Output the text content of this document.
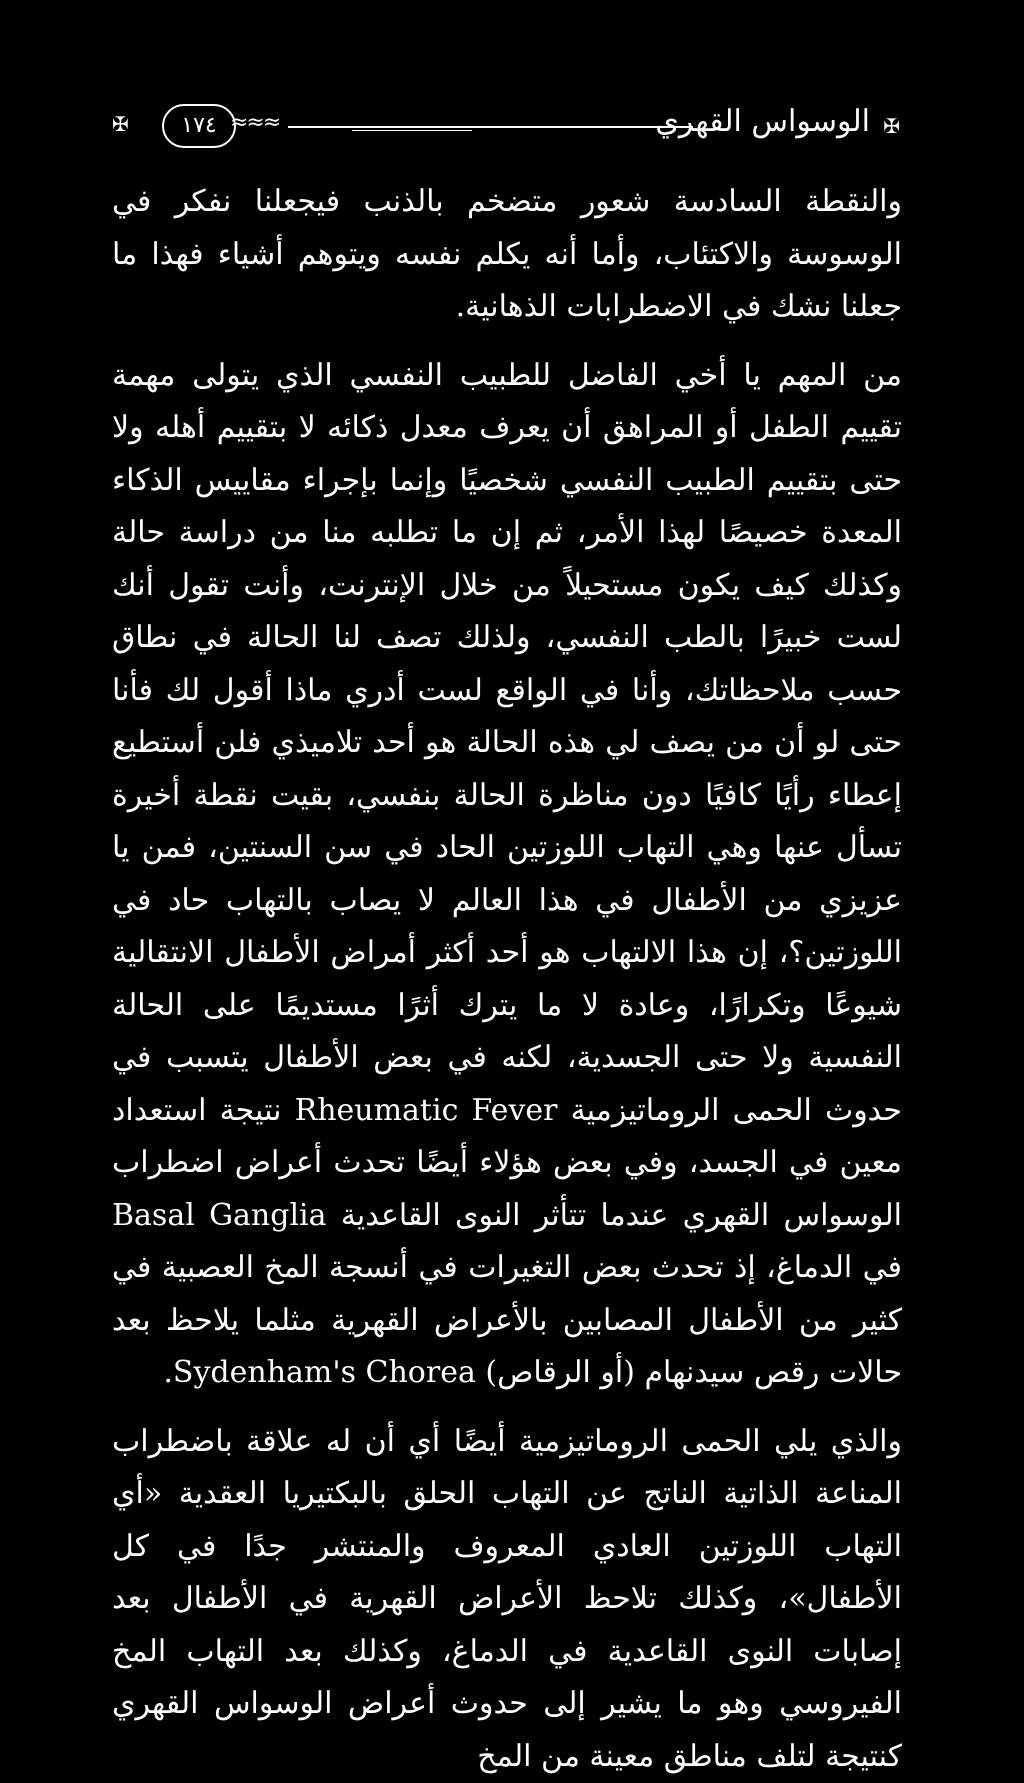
✠
الوسواس القهري
≈≈≈
١٧٤
✠

والنقطة السادسة شعور متضخم بالذنب فيجعلنا نفكر في الوسوسة والاكتئاب، وأما أنه يكلم نفسه ويتوهم أشياء فهذا ما جعلنا نشك في الاضطرابات الذهانية.

من المهم يا أخي الفاضل للطبيب النفسي الذي يتولى مهمة تقييم الطفل أو المراهق أن يعرف معدل ذكائه لا بتقييم أهله ولا حتى بتقييم الطبيب النفسي شخصيًا وإنما بإجراء مقاييس الذكاء المعدة خصيصًا لهذا الأمر، ثم إن ما تطلبه منا من دراسة حالة وكذلك كيف يكون مستحيلاً من خلال الإنترنت، وأنت تقول أنك لست خبيرًا بالطب النفسي، ولذلك تصف لنا الحالة في نطاق حسب ملاحظاتك، وأنا في الواقع لست أدري ماذا أقول لك فأنا حتى لو أن من يصف لي هذه الحالة هو أحد تلاميذي فلن أستطيع إعطاء رأيًا كافيًا دون مناظرة الحالة بنفسي، بقيت نقطة أخيرة تسأل عنها وهي التهاب اللوزتين الحاد في سن السنتين، فمن يا عزيزي من الأطفال في هذا العالم لا يصاب بالتهاب حاد في اللوزتين؟، إن هذا الالتهاب هو أحد أكثر أمراض الأطفال الانتقالية شيوعًا وتكرارًا، وعادة لا ما يترك أثرًا مستديمًا على الحالة النفسية ولا حتى الجسدية، لكنه في بعض الأطفال يتسبب في حدوث الحمى الروماتيزمية Rheumatic Fever نتيجة استعداد معين في الجسد، وفي بعض هؤلاء أيضًا تحدث أعراض اضطراب الوسواس القهري عندما تتأثر النوى القاعدية Basal Ganglia في الدماغ، إذ تحدث بعض التغيرات في أنسجة المخ العصبية في كثير من الأطفال المصابين بالأعراض القهرية مثلما يلاحظ بعد حالات رقص سيدنهام (أو الرقاص) Sydenham's Chorea.

والذي يلي الحمى الروماتيزمية أيضًا أي أن له علاقة باضطراب المناعة الذاتية الناتج عن التهاب الحلق بالبكتيريا العقدية «أي التهاب اللوزتين العادي المعروف والمنتشر جدًا في كل الأطفال»، وكذلك تلاحظ الأعراض القهرية في الأطفال بعد إصابات النوى القاعدية في الدماغ، وكذلك بعد التهاب المخ الفيروسي وهو ما يشير إلى حدوث أعراض الوسواس القهري كنتيجة لتلف مناطق معينة من المخ
